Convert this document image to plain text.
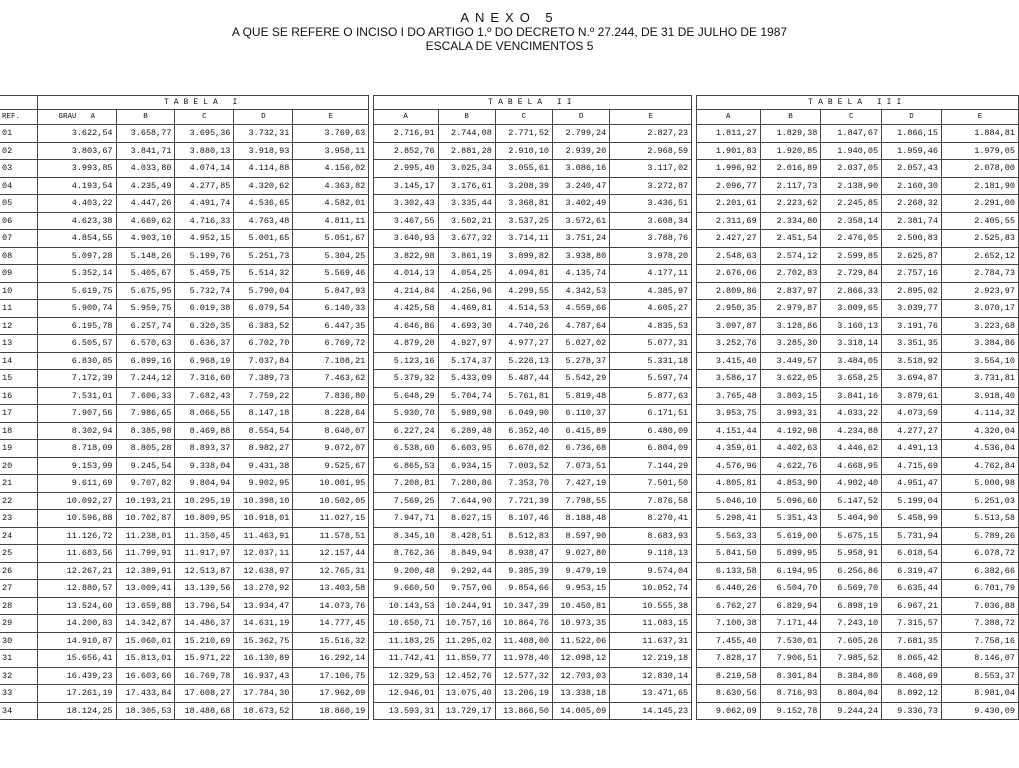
ANEXO 5
A QUE SE REFERE O INCISO I DO ARTIGO 1.º DO DECRETO N.º 27.244, DE 31 DE JULHO DE 1987
ESCALA DE VENCIMENTOS 5
	TABELA I						TABELA II						TABELA III				
REF.	GRAU A	B	C	D	E		A	B	C	D	E		A	B	C	D	E
01	3.622,54	3.658,77	3.695,36	3.732,31	3.769,63		2.716,91	2.744,08	2.771,52	2.799,24	2.827,23		1.811,27	1.829,38	1.847,67	1.866,15	1.884,81
02	3.803,67	3.841,71	3.880,13	3.918,93	3.958,11		2.852,76	2.881,28	2.910,10	2.939,20	2.968,59		1.901,83	1.920,85	1.940,05	1.959,46	1.979,05
03	3.993,85	4.033,80	4.074,14	4.114,88	4.156,02		2.995,40	3.025,34	3.055,61	3.086,16	3.117,02		1.996,92	2.016,89	2.037,05	2.057,43	2.078,00
04	4.193,54	4.235,49	4.277,85	4.320,62	4.363,82		3.145,17	3.176,61	3.208,39	3.240,47	3.272,87		2.096,77	2.117,73	2.138,90	2.160,30	2.181,90
05	4.403,22	4.447,26	4.491,74	4.536,65	4.582,01		3.302,43	3.335,44	3.368,81	3.402,49	3.436,51		2.201,61	2.223,62	2.245,85	2.268,32	2.291,00
06	4.623,38	4.669,62	4.716,33	4.763,48	4.811,11		3.467,55	3.502,21	3.537,25	3.572,61	3.608,34		2.311,69	2.334,80	2.358,14	2.381,74	2.405,55
07	4.854,55	4.903,10	4.952,15	5.001,65	5.051,67		3.640,93	3.677,32	3.714,11	3.751,24	3.788,76		2.427,27	2.451,54	2.476,05	2.500,83	2.525,83
08	5.097,28	5.148,26	5.199,76	5.251,73	5.304,25		3.822,98	3.861,19	3.899,82	3.938,80	3.978,20		2.548,63	2.574,12	2.599,85	2.625,87	2.652,12
09	5.352,14	5.405,67	5.459,75	5.514,32	5.569,46		4.014,13	4.054,25	4.094,81	4.135,74	4.177,11		2.676,06	2.702,83	2.729,84	2.757,16	2.784,73
10	5.619,75	5.675,95	5.732,74	5.790,04	5.847,93		4.214,84	4.256,96	4.299,55	4.342,53	4.385,97		2.809,86	2.837,97	2.866,33	2.895,02	2.923,97
11	5.900,74	5.959,75	6.019,38	6.079,54	6.140,33		4.425,58	4.469,81	4.514,53	4.559,66	4.605,27		2.950,35	2.979,87	3.009,65	3.039,77	3.070,17
12	6.195,78	6.257,74	6.320,35	6.383,52	6.447,35		4.646,86	4.693,30	4.740,26	4.787,64	4.835,53		3.097,87	3.128,86	3.160,13	3.191,76	3.223,68
13	6.505,57	6.570,63	6.636,37	6.702,70	6.769,72		4.879,20	4.927,97	4.977,27	5.027,02	5.077,31		3.252,76	3.285,30	3.318,14	3.351,35	3.384,86
14	6.830,85	6.899,16	6.968,19	7.037,84	7.108,21		5.123,16	5.174,37	5.226,13	5.278,37	5.331,18		3.415,40	3.449,57	3.484,05	3.518,92	3.554,10
15	7.172,39	7.244,12	7.316,60	7.389,73	7.463,62		5.379,32	5.433,09	5.487,44	5.542,29	5.597,74		3.586,17	3.622,05	3.658,25	3.694,87	3.731,81
16	7.531,01	7.606,33	7.682,43	7.759,22	7.836,80		5.648,29	5.704,74	5.761,81	5.819,48	5.877,63		3.765,48	3.803,15	3.841,16	3.879,61	3.918,40
17	7.907,56	7.986,65	8.066,55	8.147,18	8.228,64		5.930,70	5.989,98	6.049,90	6.110,37	6.171,51		3.953,75	3.993,31	4.033,22	4.073,59	4.114,32
18	8.302,94	8.385,98	8.469,88	8.554,54	8.640,07		6.227,24	6.289,48	6.352,40	6.415,89	6.480,09		4.151,44	4.192,98	4.234,88	4.277,27	4.320,04
19	8.718,09	8.805,28	8.893,37	8.982,27	9.072,07		6.538,60	6.603,95	6.670,02	6.736,68	6.804,09		4.359,01	4.402,63	4.446,62	4.491,13	4.536,04
20	9.153,99	9.245,54	9.338,04	9.431,38	9.525,67		6.865,53	6.934,15	7.003,52	7.073,51	7.144,29		4.576,96	4.622,76	4.668,95	4.715,69	4.762,84
21	9.611,69	9.707,82	9.804,94	9.902,95	10.001,95		7.208,81	7.280,86	7.353,70	7.427,19	7.501,50		4.805,81	4.853,90	4.902,40	4.951,47	5.000,98
22	10.092,27	10.193,21	10.295,19	10.398,10	10.502,05		7.569,25	7.644,90	7.721,39	7.798,55	7.876,58		5.046,10	5.096,60	5.147,52	5.199,04	5.251,03
23	10.596,88	10.702,87	10.809,95	10.918,01	11.027,15		7.947,71	8.027,15	8.107,46	8.188,48	8.270,41		5.298,41	5.351,43	5.404,90	5.458,99	5.513,58
24	11.126,72	11.238,01	11.350,45	11.463,91	11.578,51		8.345,10	8.428,51	8.512,83	8.597,90	8.683,93		5.563,33	5.619,00	5.675,15	5.731,94	5.789,26
25	11.683,56	11.799,91	11.917,97	12.037,11	12.157,44		8.762,36	8.849,94	8.938,47	9.027,80	9.118,13		5.841,50	5.899,95	5.958,91	6.018,54	6.078,72
26	12.267,21	12.389,91	12.513,87	12.638,97	12.765,31		9.200,48	9.292,44	9.385,39	9.479,19	9.574,04		6.133,58	6.194,95	6.256,86	6.319,47	6.382,66
27	12.880,57	13.009,41	13.139,56	13.270,92	13.403,58		9.660,50	9.757,06	9.854,66	9.953,15	10.052,74		6.440,26	6.504,70	6.569,70	6.635,44	6.701,79
28	13.524,60	13.659,88	13.796,54	13.934,47	14.073,76		10.143,53	10.244,91	10.347,39	10.450,81	10.555,38		6.762,27	6.829,94	6.898,19	6.967,21	7.036,88
29	14.200,83	14.342,87	14.486,37	14.631,19	14.777,45		10.650,71	10.757,16	10.864,76	10.973,35	11.083,15		7.100,38	7.171,44	7.243,10	7.315,57	7.388,72
30	14.910,87	15.060,01	15.210,69	15.362,75	15.516,32		11.183,25	11.295,02	11.408,00	11.522,06	11.637,31		7.455,40	7.530,01	7.605,26	7.681,35	7.758,16
31	15.656,41	15.813,01	15.971,22	16.130,89	16.292,14		11.742,41	11.859,77	11.978,40	12.098,12	12.219,18		7.828,17	7.906,51	7.985,52	8.065,42	8.146,07
32	16.439,23	16.603,66	16.769,78	16.937,43	17.106,75		12.329,53	12.452,76	12.577,32	12.703,03	12.830,14		8.219,58	8.301,84	8.384,80	8.468,69	8.553,37
33	17.261,19	17.433,84	17.608,27	17.784,30	17.962,09		12.946,01	13.075,40	13.206,19	13.338,18	13.471,65		8.630,56	8.716,93	8.804,04	8.892,12	8.981,04
34	18.124,25	18.305,53	18.488,68	18.673,52	18.860,19		13.593,31	13.729,17	13.866,50	14.005,09	14.145,23		9.062,09	9.152,78	9.244,24	9.336,73	9.430,09
